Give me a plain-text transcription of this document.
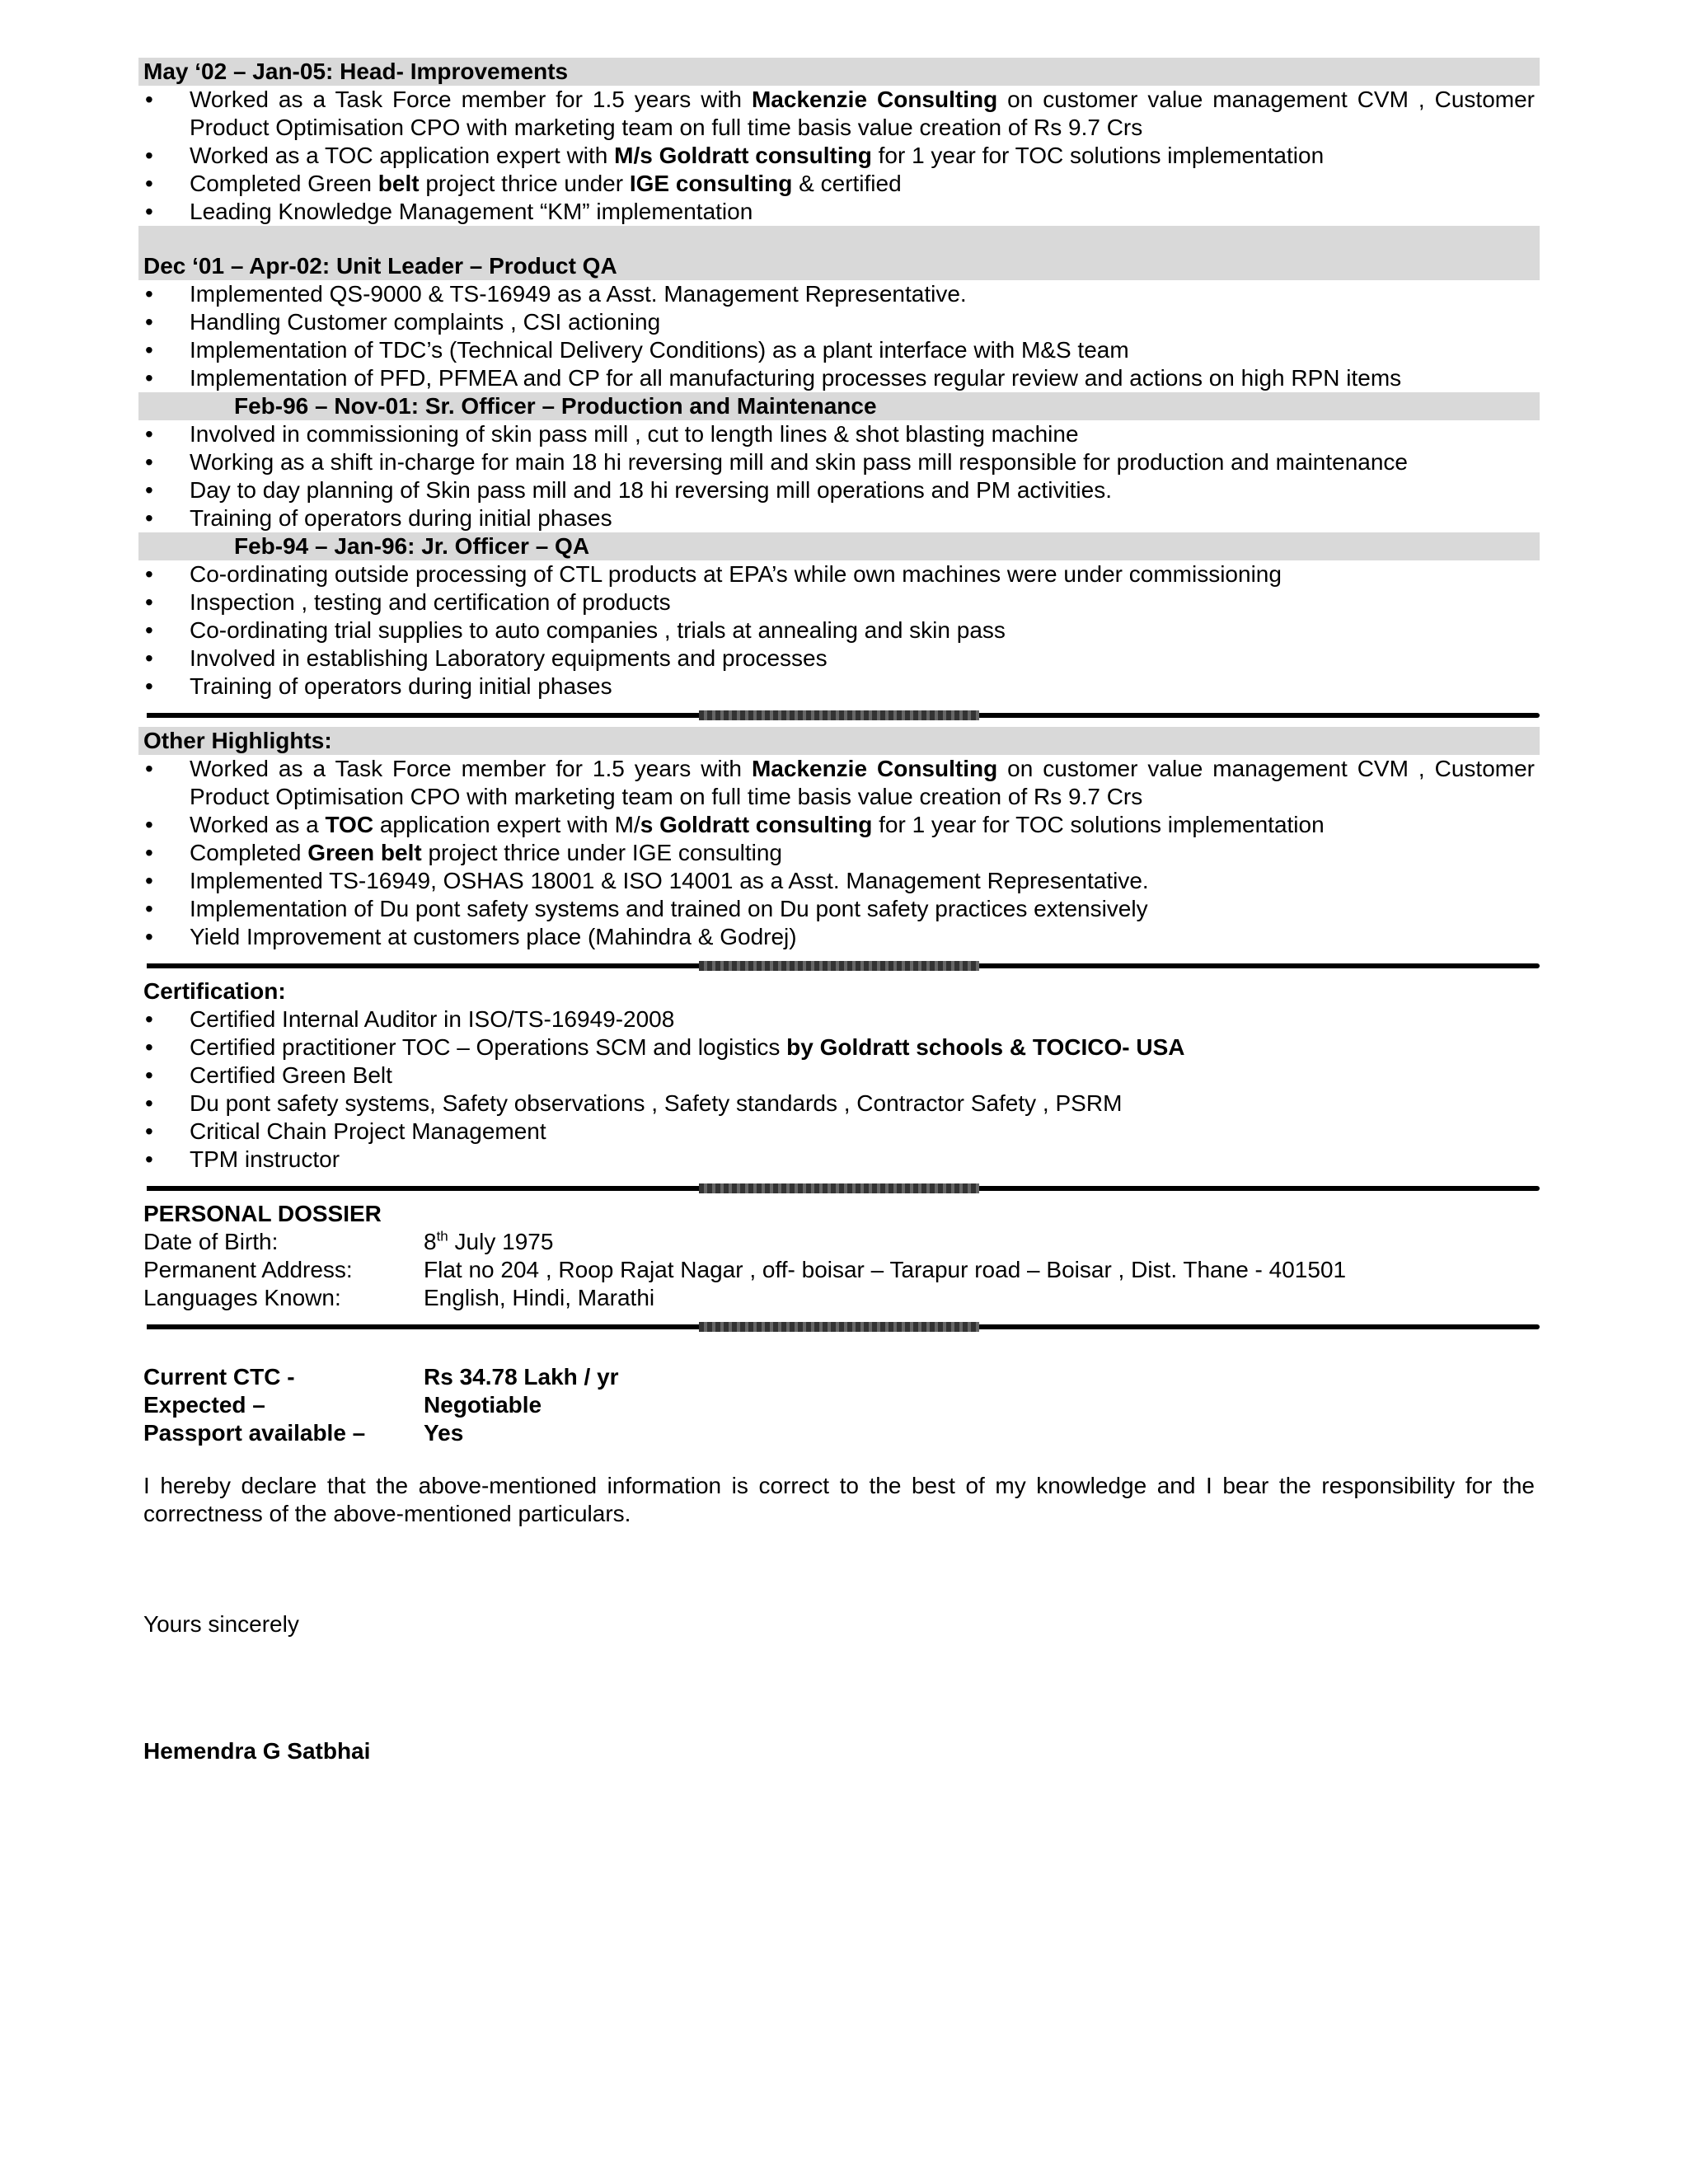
May ‘02 – Jan-05: Head- Improvements
• Worked as a Task Force member for 1.5 years with Mackenzie Consulting on customer value management CVM , Customer Product Optimisation CPO with marketing team on full time basis value creation of Rs 9.7 Crs
• Worked as a TOC application expert with M/s Goldratt consulting for 1 year for TOC solutions implementation
• Completed Green belt project thrice under IGE consulting & certified
• Leading Knowledge Management “KM” implementation
Dec ‘01 – Apr-02: Unit Leader – Product QA
• Implemented QS-9000 & TS-16949 as a Asst. Management Representative.
• Handling Customer complaints , CSI actioning
• Implementation of TDC’s (Technical Delivery Conditions) as a plant interface with M&S team
• Implementation of PFD, PFMEA and CP for all manufacturing processes regular review and actions on high RPN items
Feb-96 – Nov-01: Sr. Officer – Production and Maintenance
• Involved in commissioning of skin pass mill , cut to length lines & shot blasting machine
• Working as a shift in-charge for main 18 hi reversing mill and skin pass mill responsible for production and maintenance
• Day to day planning of Skin pass mill and 18 hi reversing mill operations and PM activities.
• Training of operators during initial phases
Feb-94 – Jan-96: Jr. Officer – QA
• Co-ordinating outside processing of CTL products at EPA’s while own machines were under commissioning
• Inspection , testing and certification of products
• Co-ordinating trial supplies to auto companies , trials at annealing and skin pass
• Involved in establishing Laboratory equipments and processes
• Training of operators during initial phases
Other Highlights:
• Worked as a Task Force member for 1.5 years with Mackenzie Consulting on customer value management CVM , Customer Product Optimisation CPO with marketing team on full time basis value creation of Rs 9.7 Crs
• Worked as a TOC application expert with M/s Goldratt consulting for 1 year for TOC solutions implementation
• Completed Green belt project thrice under IGE consulting
• Implemented TS-16949, OSHAS 18001 & ISO 14001 as a Asst. Management Representative.
• Implementation of Du pont safety systems and trained on Du pont safety practices extensively
• Yield Improvement at customers place (Mahindra & Godrej)
Certification:
• Certified Internal Auditor in ISO/TS-16949-2008
• Certified practitioner TOC – Operations SCM and logistics by Goldratt schools & TOCICO- USA
• Certified Green Belt
• Du pont safety systems, Safety observations , Safety standards , Contractor Safety , PSRM
• Critical Chain Project Management
• TPM instructor
PERSONAL DOSSIER
Date of Birth:	8th July 1975
Permanent Address:	Flat no 204 , Roop Rajat Nagar , off- boisar – Tarapur road – Boisar , Dist. Thane - 401501
Languages Known:	English, Hindi, Marathi
Current CTC -	Rs 34.78 Lakh / yr
Expected –	Negotiable
Passport available –	Yes
I hereby declare that the above-mentioned information is correct to the best of my knowledge and I bear the responsibility for the correctness of the above-mentioned particulars.
Yours sincerely
Hemendra G Satbhai
